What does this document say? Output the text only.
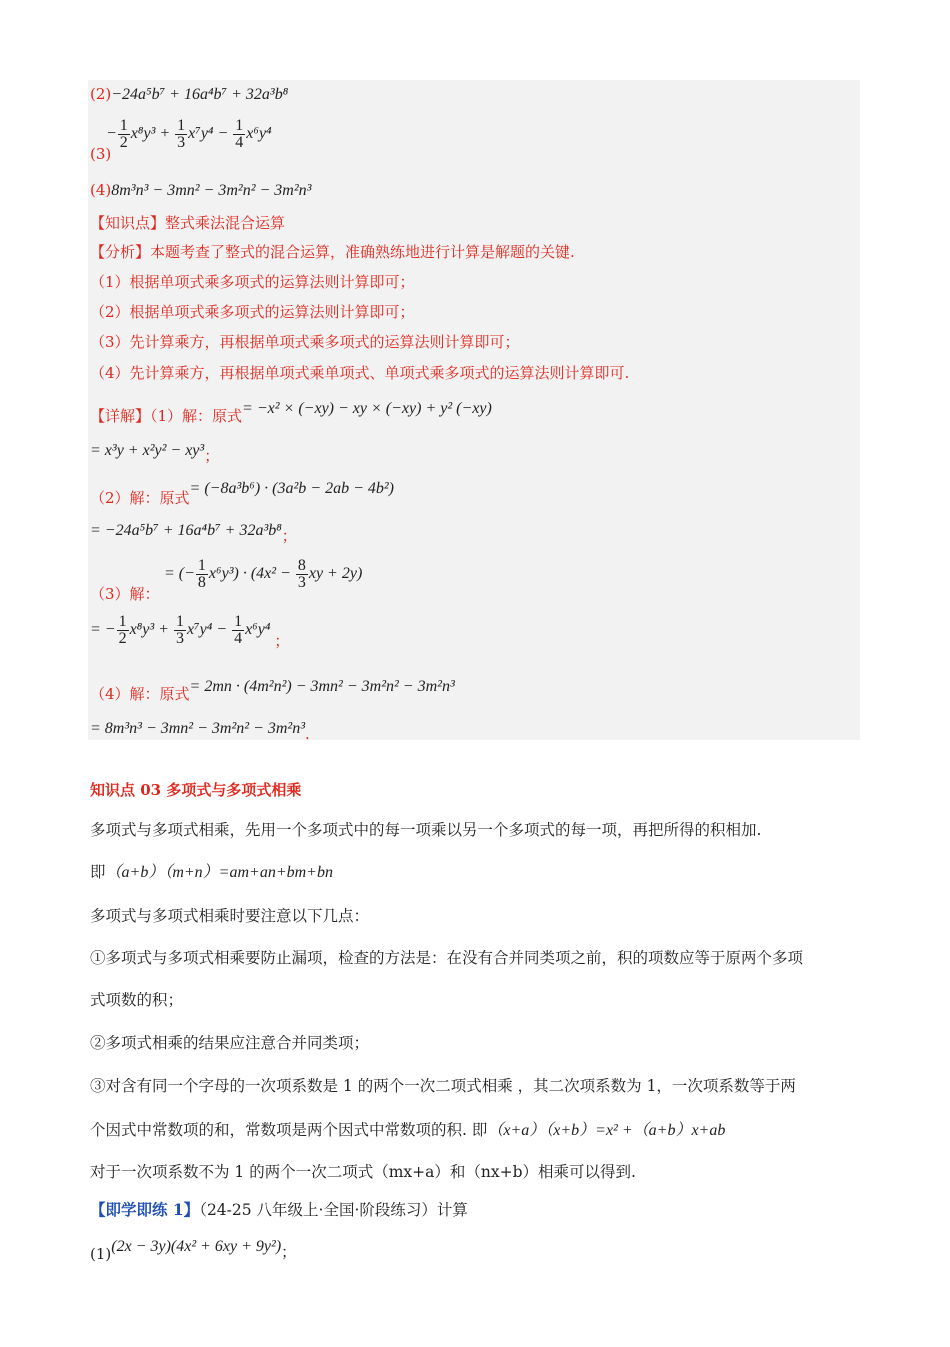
(2)−24a⁵b⁷ + 16a⁴b⁷ + 32a³b⁸
(3)
− $\frac{1}{2} x^8y^3 + \frac{1}{3} x^7y^4 - \frac{1}{4} x^6y^4$
(4)8m³n³ − 3mn² − 3m²n² − 3m²n³
【知识点】整式乘法混合运算
【分析】本题考查了整式的混合运算，准确熟练地进行计算是解题的关键.
（1）根据单项式乘多项式的运算法则计算即可；
（2）根据单项式乘多项式的运算法则计算即可；
（3）先计算乘方，再根据单项式乘多项式的运算法则计算即可；
（4）先计算乘方，再根据单项式乘单项式、单项式乘多项式的运算法则计算即可.
【详解】（1）解：原式= −x² × (−xy) − xy × (−xy) + y² (−xy)
= x³y + x²y² − xy³；
（2）解：原式= (−8a³b⁶) · (3a²b − 2ab − 4b²)
= −24a⁵b⁷ + 16a⁴b⁷ + 32a³b⁸；
（3）解：
= (− $\frac{1}{8} x^6y^3) \cdot (4x^2 - \frac{8}{3}$ xy + 2y)
= − $\frac{1}{2} x^8y^3 + \frac{1}{3} x^7y^4 - \frac{1}{4} x^6y^4$ ；
（4）解：原式= 2mn · (4m²n²) − 3mn² − 3m²n² − 3m²n³
= 8m³n³ − 3mn² − 3m²n² − 3m²n³.
知识点 03 多项式与多项式相乘
多项式与多项式相乘，先用一个多项式中的每一项乘以另一个多项式的每一项，再把所得的积相加.
即（a+b）（m+n）=am+an+bm+bn
多项式与多项式相乘时要注意以下几点：
①多项式与多项式相乘要防止漏项，检查的方法是：在没有合并同类项之前，积的项数应等于原两个多项
式项数的积；
②多项式相乘的结果应注意合并同类项；
③对含有同一个字母的一次项系数是 1 的两个一次二项式相乘 ，其二次项系数为 1，一次项系数等于两
个因式中常数项的和，常数项是两个因式中常数项的积. 即（x+a）（x+b）=x² +（a+b）x+ab
对于一次项系数不为 1 的两个一次二项式（mx+a）和（nx+b）相乘可以得到.
【即学即练 1】（24-25 八年级上·全国·阶段练习）计算
(1)(2x − 3y)(4x² + 6xy + 9y²)；
